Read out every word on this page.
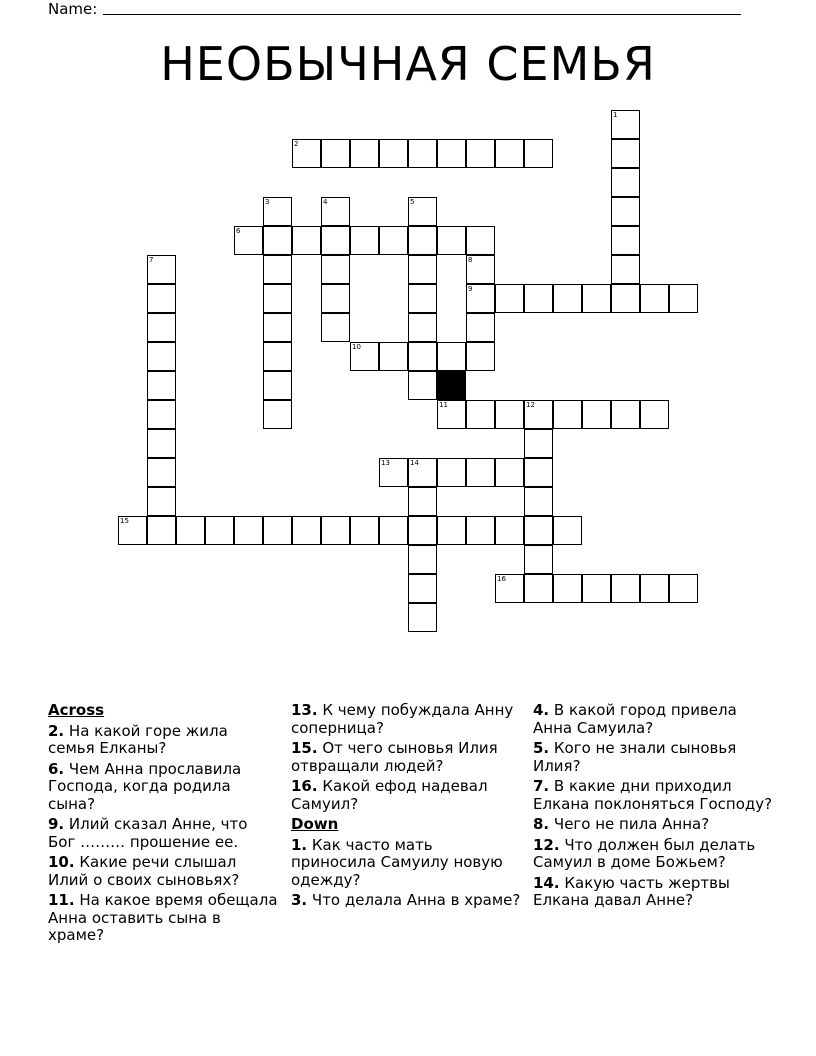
Name:
НЕОБЫЧНАЯ СЕМЬЯ
1
2
3	4	5
6
7	8
9
10
11	12
13	14
15
16
Across
2. На какой горе жила семья Елканы?
6. Чем Анна прославила Господа, когда родила сына?
9. Илий сказал Анне, что Бог ……… прошение ее.
10. Какие речи слышал Илий о своих сыновьях?
11. На какое время обещала Анна оставить сына в храме?
13. К чему побуждала Анну соперница?
15. От чего сыновья Илия отвращали людей?
16. Какой ефод надевал Самуил?
Down
1. Как часто мать приносила Самуилу новую одежду?
3. Что делала Анна в храме?
4. В какой город привела Анна Самуила?
5. Кого не знали сыновья Илия?
7. В какие дни приходил Елкана поклоняться Господу?
8. Чего не пила Анна?
12. Что должен был делать Самуил в доме Божьем?
14. Какую часть жертвы Елкана давал Анне?
